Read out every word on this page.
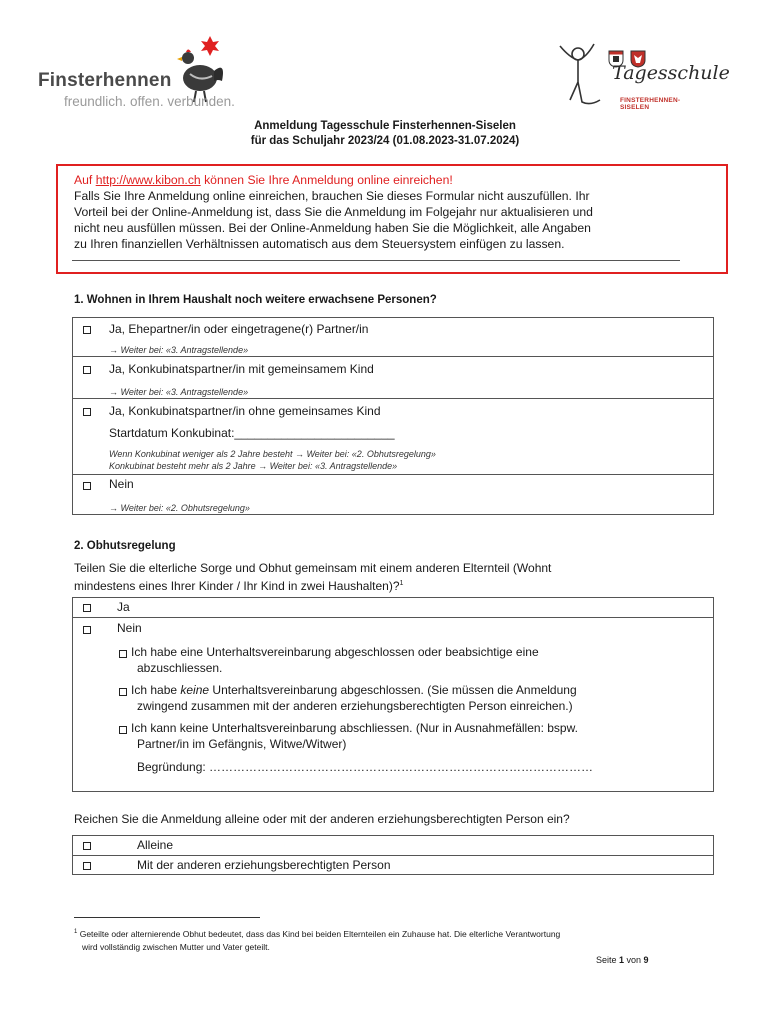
Finsterhennen
freundlich. offen. verbunden.
Tagesschule
FINSTERHENNEN-SISELEN
Anmeldung Tagesschule Finsterhennen-Siselen
für das Schuljahr 2023/24 (01.08.2023-31.07.2024)
Auf http://www.kibon.ch können Sie Ihre Anmeldung online einreichen!
Falls Sie Ihre Anmeldung online einreichen, brauchen Sie dieses Formular nicht auszufüllen. Ihr
Vorteil bei der Online-Anmeldung ist, dass Sie die Anmeldung im Folgejahr nur aktualisieren und
nicht neu ausfüllen müssen. Bei der Online-Anmeldung haben Sie die Möglichkeit, alle Angaben
zu Ihren finanziellen Verhältnissen automatisch aus dem Steuersystem einfügen zu lassen.
1. Wohnen in Ihrem Haushalt noch weitere erwachsene Personen?
Ja, Ehepartner/in oder eingetragene(r) Partner/in
→ Weiter bei: «3. Antragstellende»
Ja, Konkubinatspartner/in mit gemeinsamem Kind
→ Weiter bei: «3. Antragstellende»
Ja, Konkubinatspartner/in ohne gemeinsames Kind
Startdatum Konkubinat:________________________
Wenn Konkubinat weniger als 2 Jahre besteht → Weiter bei: «2. Obhutsregelung»
Konkubinat besteht mehr als 2 Jahre → Weiter bei: «3. Antragstellende»
Nein
→ Weiter bei: «2. Obhutsregelung»
2. Obhutsregelung
Teilen Sie die elterliche Sorge und Obhut gemeinsam mit einem anderen Elternteil (Wohnt
mindestens eines Ihrer Kinder / Ihr Kind in zwei Haushalten)?$^1$
Ja
Nein
Ich habe eine Unterhaltsvereinbarung abgeschlossen oder beabsichtige eine
abzuschliessen.
Ich habe keine Unterhaltsvereinbarung abgeschlossen. (Sie müssen die Anmeldung
zwingend zusammen mit der anderen erziehungsberechtigten Person einreichen.)
Ich kann keine Unterhaltsvereinbarung abschliessen. (Nur in Ausnahmefällen: bspw.
Partner/in im Gefängnis, Witwe/Witwer)
Begründung: ……………………………………………………………………………………
Reichen Sie die Anmeldung alleine oder mit der anderen erziehungsberechtigten Person ein?
Alleine
Mit der anderen erziehungsberechtigten Person
$^1$ Geteilte oder alternierende Obhut bedeutet, dass das Kind bei beiden Elternteilen ein Zuhause hat. Die elterliche Verantwortung
wird vollständig zwischen Mutter und Vater geteilt.
Seite 1 von 9
